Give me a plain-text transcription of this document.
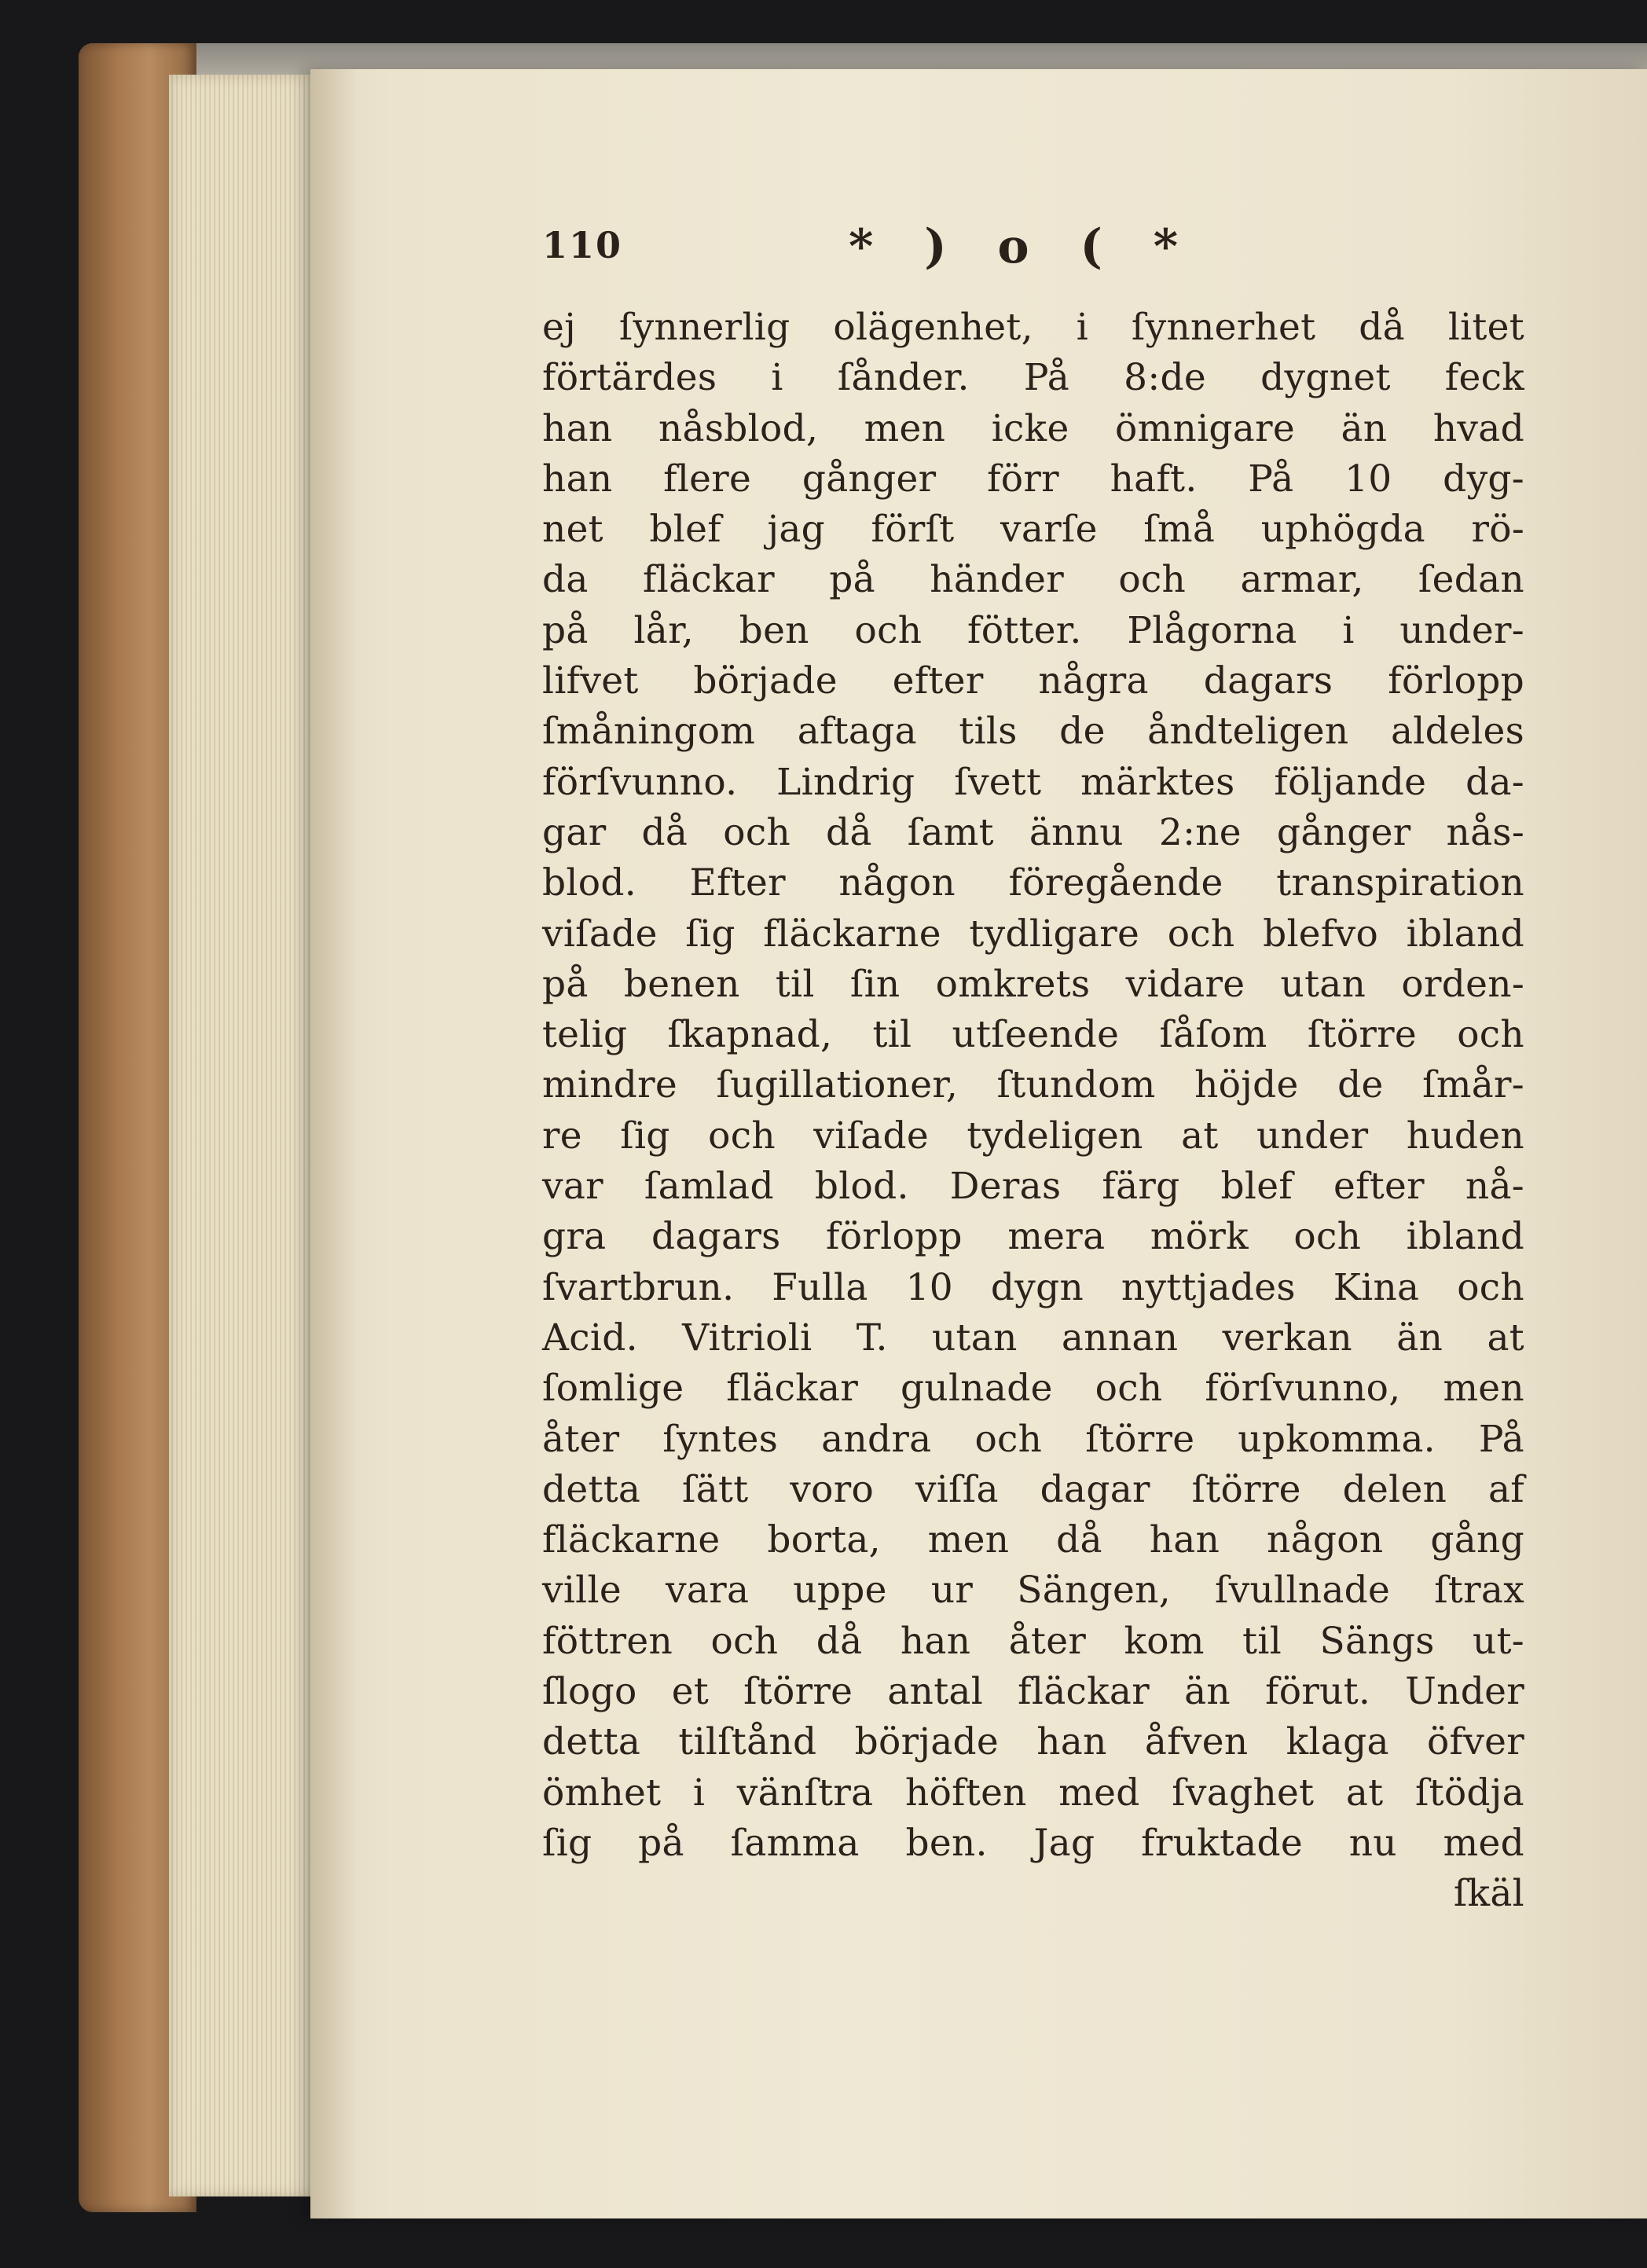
110	* ) o ( *
ej ſynnerlig olägenhet, i ſynnerhet då litet
förtärdes i ſånder. På 8:de dygnet feck
han nåsblod, men icke ömnigare än hvad
han flere gånger förr haft. På 10 dyg-
net blef jag förſt varſe ſmå uphögda rö-
da fläckar på händer och armar, ſedan
på lår, ben och fötter. Plågorna i under-
lifvet började efter några dagars förlopp
ſmåningom aftaga tils de åndteligen aldeles
förſvunno. Lindrig ſvett märktes följande da-
gar då och då ſamt ännu 2:ne gånger nås-
blod. Efter någon föregående transpiration
viſade ſig fläckarne tydligare och blefvo ibland
på benen til ſin omkrets vidare utan orden-
telig ſkapnad, til utſeende ſåſom ſtörre och
mindre ſugillationer, ſtundom höjde de ſmår-
re ſig och viſade tydeligen at under huden
var ſamlad blod. Deras färg blef efter nå-
gra dagars förlopp mera mörk och ibland
ſvartbrun. Fulla 10 dygn nyttjades Kina och
Acid. Vitrioli T. utan annan verkan än at
ſomlige fläckar gulnade och förſvunno, men
åter ſyntes andra och ſtörre upkomma. På
detta ſätt voro viſſa dagar ſtörre delen af
fläckarne borta, men då han någon gång
ville vara uppe ur Sängen, ſvullnade ſtrax
föttren och då han åter kom til Sängs ut-
ſlogo et ſtörre antal fläckar än förut. Under
detta tilſtånd började han åfven klaga öfver
ömhet i vänſtra höften med ſvaghet at ſtödja
ſig på ſamma ben. Jag fruktade nu med
ſkäl
